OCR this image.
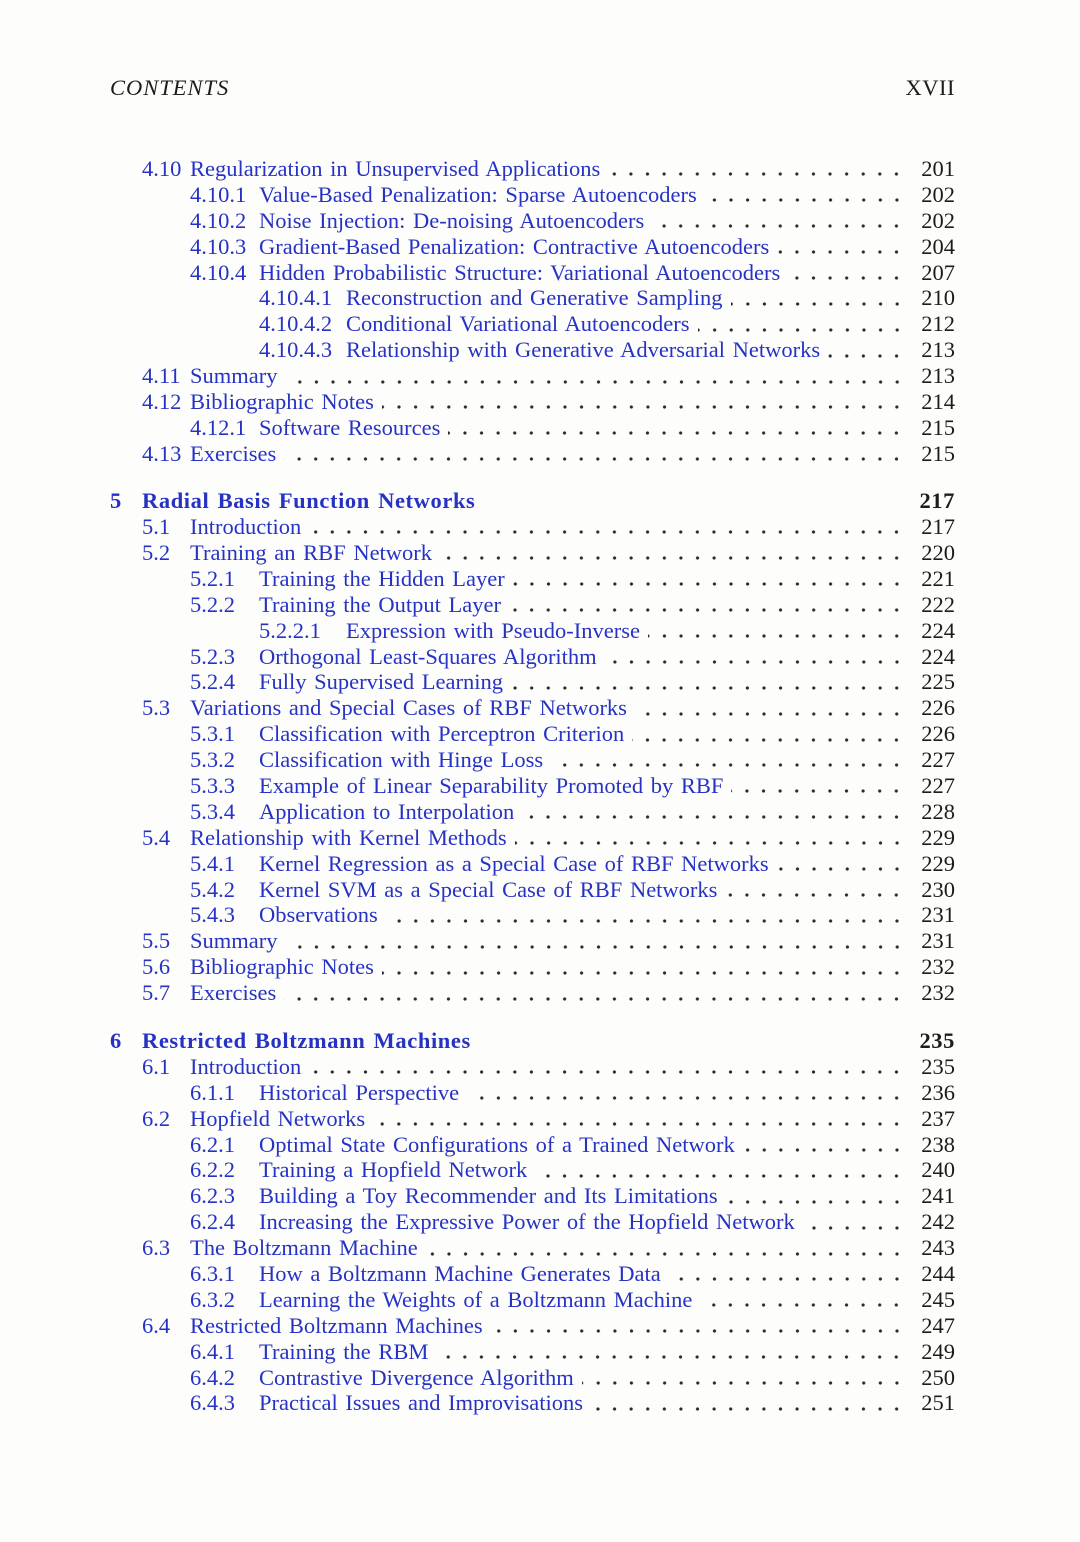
CONTENTS	XVII
4.10 Regularization in Unsupervised Applications	201
4.10.1 Value-Based Penalization: Sparse Autoencoders	202
4.10.2 Noise Injection: De-noising Autoencoders	202
4.10.3 Gradient-Based Penalization: Contractive Autoencoders	204
4.10.4 Hidden Probabilistic Structure: Variational Autoencoders	207
4.10.4.1 Reconstruction and Generative Sampling	210
4.10.4.2 Conditional Variational Autoencoders	212
4.10.4.3 Relationship with Generative Adversarial Networks	213
4.11 Summary	213
4.12 Bibliographic Notes	214
4.12.1 Software Resources	215
4.13 Exercises	215
5 Radial Basis Function Networks	217
5.1 Introduction	217
5.2 Training an RBF Network	220
5.2.1	Training the Hidden Layer	221
5.2.2	Training the Output Layer	222
5.2.2.1	Expression with Pseudo-Inverse	224
5.2.3	Orthogonal Least-Squares Algorithm	224
5.2.4	Fully Supervised Learning	225
5.3 Variations and Special Cases of RBF Networks	226
5.3.1	Classification with Perceptron Criterion	226
5.3.2	Classification with Hinge Loss	227
5.3.3	Example of Linear Separability Promoted by RBF	227
5.3.4	Application to Interpolation	228
5.4 Relationship with Kernel Methods	229
5.4.1	Kernel Regression as a Special Case of RBF Networks	229
5.4.2	Kernel SVM as a Special Case of RBF Networks	230
5.4.3	Observations	231
5.5 Summary	231
5.6 Bibliographic Notes	232
5.7 Exercises	232
6 Restricted Boltzmann Machines	235
6.1 Introduction	235
6.1.1	Historical Perspective	236
6.2 Hopfield Networks	237
6.2.1	Optimal State Configurations of a Trained Network	238
6.2.2	Training a Hopfield Network	240
6.2.3	Building a Toy Recommender and Its Limitations	241
6.2.4	Increasing the Expressive Power of the Hopfield Network	242
6.3 The Boltzmann Machine	243
6.3.1	How a Boltzmann Machine Generates Data	244
6.3.2	Learning the Weights of a Boltzmann Machine	245
6.4 Restricted Boltzmann Machines	247
6.4.1	Training the RBM	249
6.4.2	Contrastive Divergence Algorithm	250
6.4.3	Practical Issues and Improvisations	251
